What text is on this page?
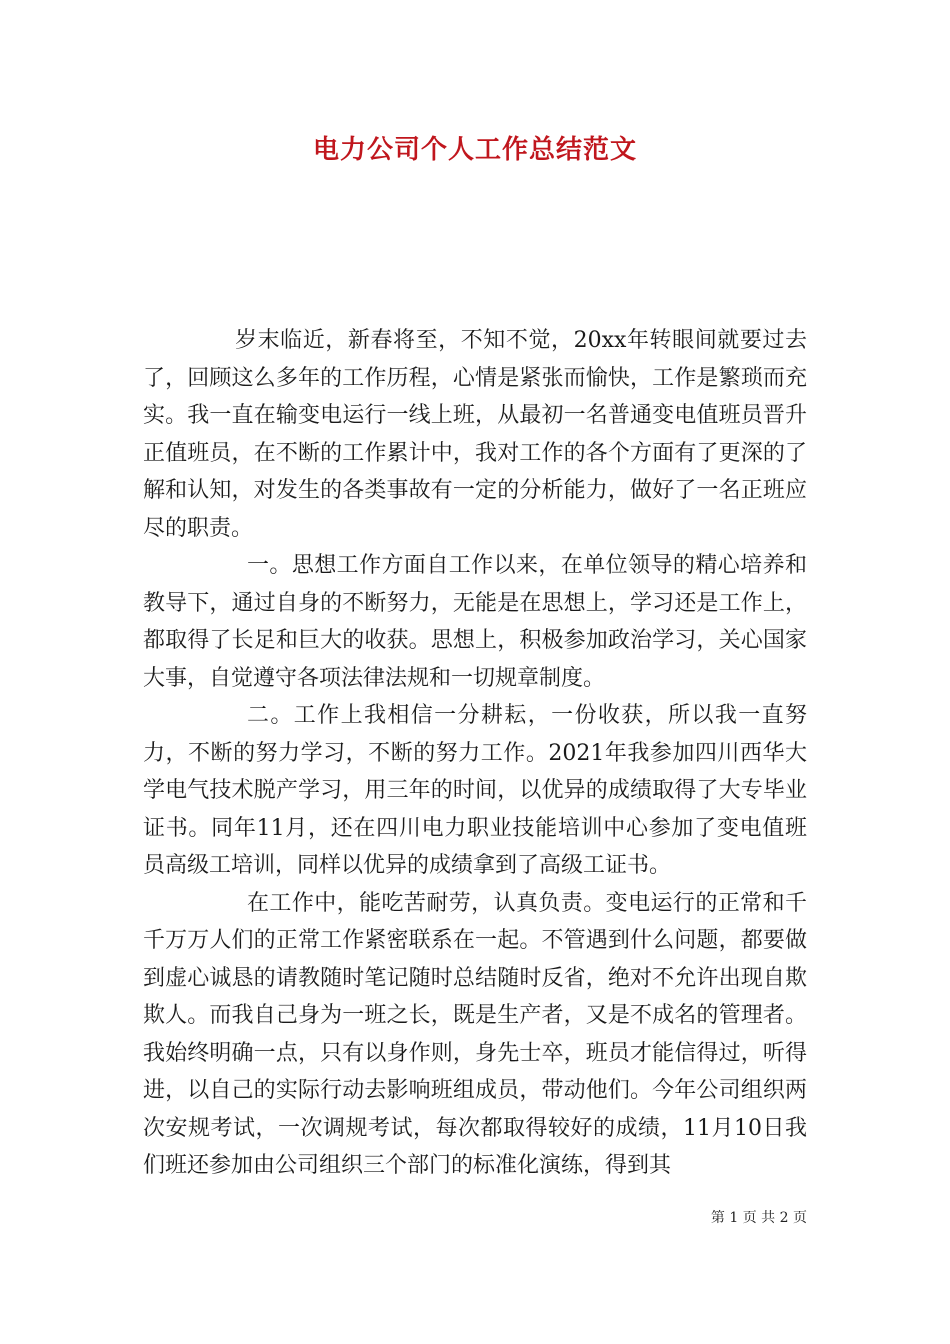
电力公司个人工作总结范文

岁末临近，新春将至，不知不觉，20xx年转眼间就要过去了，回顾这么多年的工作历程，心情是紧张而愉快，工作是繁琐而充实。我一直在输变电运行一线上班，从最初一名普通变电值班员晋升正值班员，在不断的工作累计中，我对工作的各个方面有了更深的了解和认知，对发生的各类事故有一定的分析能力，做好了一名正班应尽的职责。

一。思想工作方面自工作以来，在单位领导的精心培养和教导下，通过自身的不断努力，无能是在思想上，学习还是工作上，都取得了长足和巨大的收获。思想上，积极参加政治学习，关心国家大事，自觉遵守各项法律法规和一切规章制度。

二。工作上我相信一分耕耘，一份收获，所以我一直努力，不断的努力学习，不断的努力工作。2021年我参加四川西华大学电气技术脱产学习，用三年的时间，以优异的成绩取得了大专毕业证书。同年11月，还在四川电力职业技能培训中心参加了变电值班员高级工培训，同样以优异的成绩拿到了高级工证书。

在工作中，能吃苦耐劳，认真负责。变电运行的正常和千千万万人们的正常工作紧密联系在一起。不管遇到什么问题，都要做到虚心诚恳的请教随时笔记随时总结随时反省，绝对不允许出现自欺欺人。而我自己身为一班之长，既是生产者，又是不成名的管理者。我始终明确一点，只有以身作则，身先士卒，班员才能信得过，听得进，以自己的实际行动去影响班组成员，带动他们。今年公司组织两次安规考试，一次调规考试，每次都取得较好的成绩，11月10日我们班还参加由公司组织三个部门的标准化演练，得到其

第 1 页 共 2 页
